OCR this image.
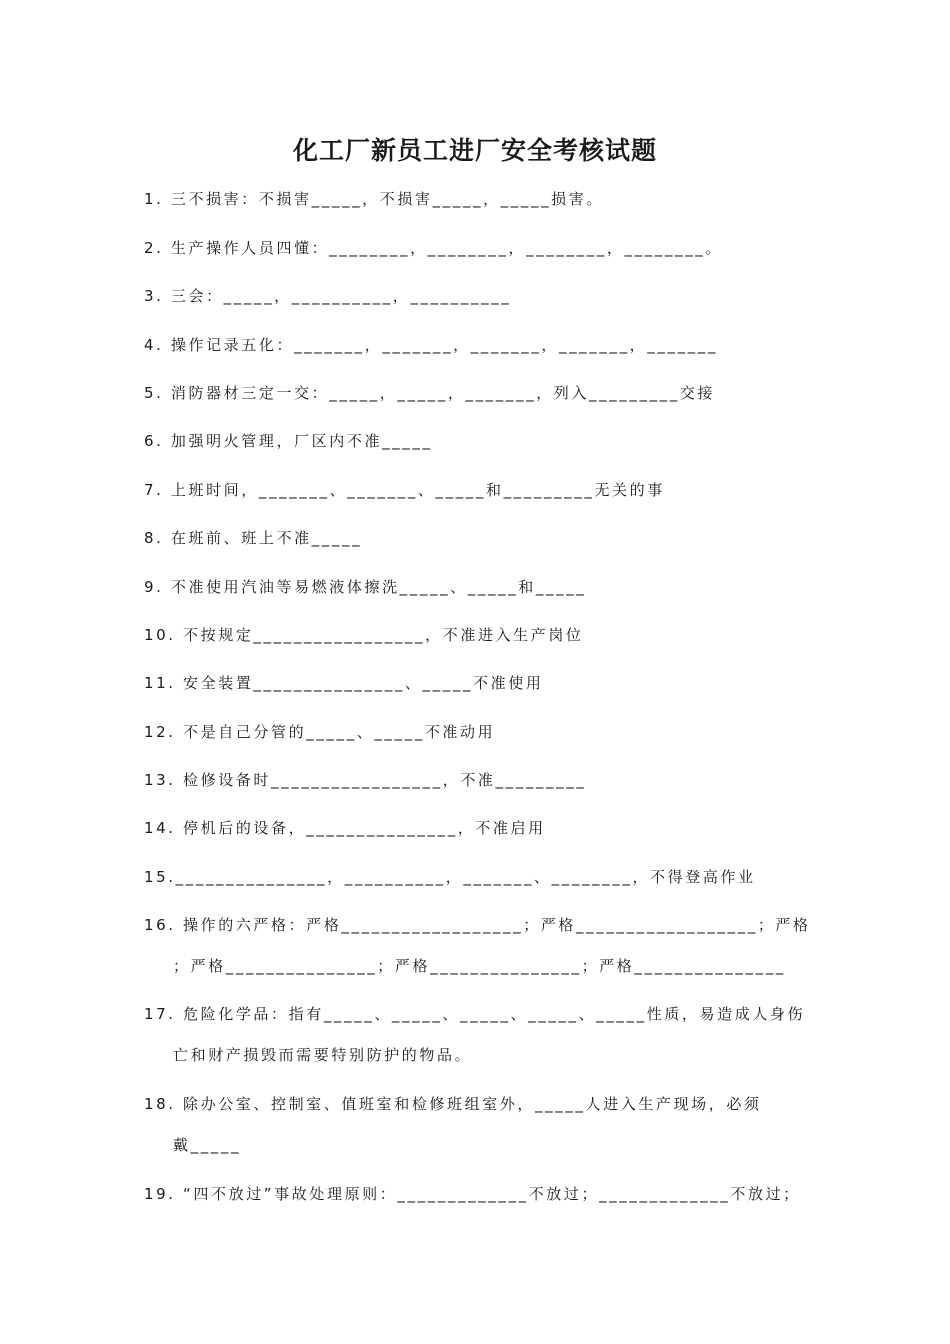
化工厂新员工进厂安全考核试题
1. 三不损害：不损害_____，不损害_____，_____损害。
2. 生产操作人员四懂：________，________，________，________。
3. 三会：_____，__________，__________
4. 操作记录五化：_______，_______，_______，_______，_______
5. 消防器材三定一交：_____，_____，_______，列入_________交接
6. 加强明火管理，厂区内不准_____
7. 上班时间，_______、_______、_____和_________无关的事
8. 在班前、班上不准_____
9. 不准使用汽油等易燃液体擦洗_____、_____和_____
10. 不按规定_________________，不准进入生产岗位
11. 安全装置_______________、_____不准使用
12. 不是自己分管的_____、_____不准动用
13. 检修设备时_________________，不准_________
14. 停机后的设备，_______________，不准启用
15._______________，__________，_______、________，不得登高作业
16. 操作的六严格：严格__________________；严格__________________；严格
；严格_______________；严格_______________；严格_______________
17. 危险化学品：指有_____、_____、_____、_____、_____性质，易造成人身伤
亡和财产损毁而需要特别防护的物品。
18. 除办公室、控制室、值班室和检修班组室外，_____人进入生产现场，必须
戴_____
19. “四不放过”事故处理原则：_____________不放过；_____________不放过；
